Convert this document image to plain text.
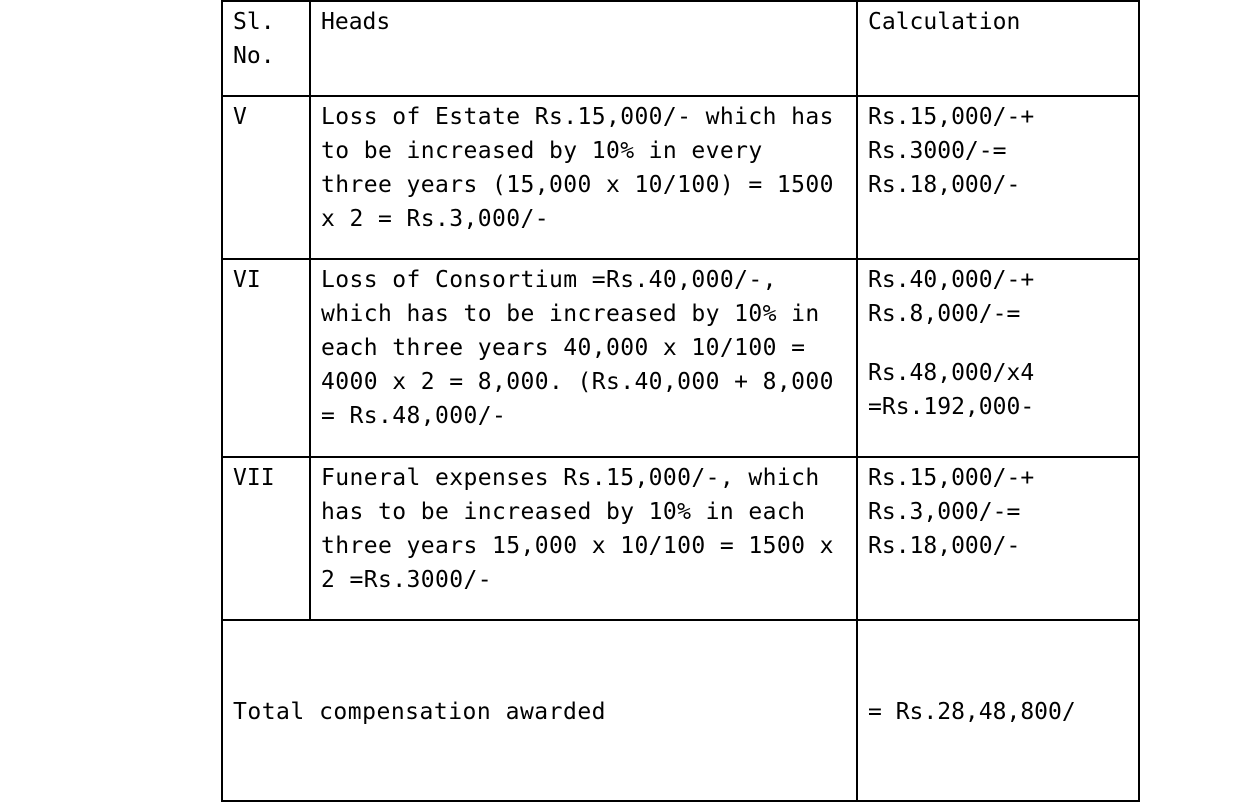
Sl. No.	Heads	Calculation
V	Loss of Estate Rs.15,000/- which has to be increased by 10% in every three years (15,000 x 10/100) = 1500 x 2 = Rs.3,000/-	Rs.15,000/-+
Rs.3000/-=
Rs.18,000/-

VI	Loss of Consortium =Rs.40,000/-, which has to be increased by 10% in each three years 40,000 x 10/100 = 4000 x 2 = 8,000. (Rs.40,000 + 8,000 = Rs.48,000/-	Rs.40,000/-+
Rs.8,000/-=
Rs.48,000/x4
=Rs.192,000-

VII	Funeral expenses Rs.15,000/-, which has to be increased by 10% in each three years 15,000 x 10/100 = 1500 x 2 =Rs.3000/-	Rs.15,000/-+
Rs.3,000/-=
Rs.18,000/-

Total compensation awarded		= Rs.28,48,800/
